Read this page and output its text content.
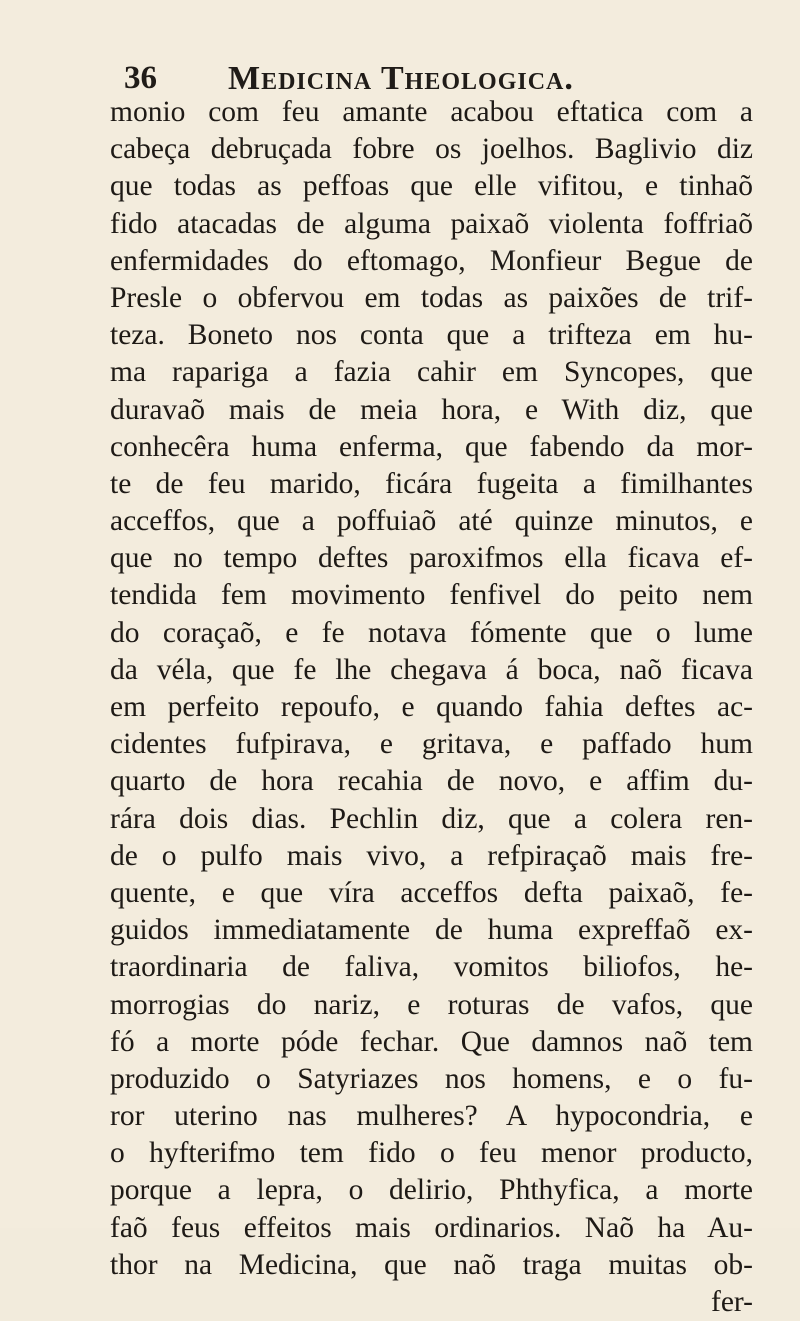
36 Medicina Theologica.
monio com feu amante acabou eftatica com a
cabeça debruçada fobre os joelhos. Baglivio diz
que todas as peffoas que elle vifitou, e tinhaõ
fido atacadas de alguma paixaõ violenta foffriaõ
enfermidades do eftomago, Monfieur Begue de
Presle o obfervou em todas as paixões de trif-
teza. Boneto nos conta que a trifteza em hu-
ma rapariga a fazia cahir em Syncopes, que
duravaõ mais de meia hora, e With diz, que
conhecêra huma enferma, que fabendo da mor-
te de feu marido, ficára fugeita a fimilhantes
acceffos, que a poffuiaõ até quinze minutos, e
que no tempo deftes paroxifmos ella ficava ef-
tendida fem movimento fenfivel do peito nem
do coraçaõ, e fe notava fómente que o lume
da véla, que fe lhe chegava á boca, naõ ficava
em perfeito repoufo, e quando fahia deftes ac-
cidentes fufpirava, e gritava, e paffado hum
quarto de hora recahia de novo, e affim du-
rára dois dias. Pechlin diz, que a colera ren-
de o pulfo mais vivo, a refpiraçaõ mais fre-
quente, e que víra acceffos defta paixaõ, fe-
guidos immediatamente de huma expreffaõ ex-
traordinaria de faliva, vomitos biliofos, he-
morrogias do nariz, e roturas de vafos, que
fó a morte póde fechar. Que damnos naõ tem
produzido o Satyriazes nos homens, e o fu-
ror uterino nas mulheres? A hypocondria, e
o hyfterifmo tem fido o feu menor producto,
porque a lepra, o delirio, Phthyfica, a morte
faõ feus effeitos mais ordinarios. Naõ ha Au-
thor na Medicina, que naõ traga muitas ob-
fer-
